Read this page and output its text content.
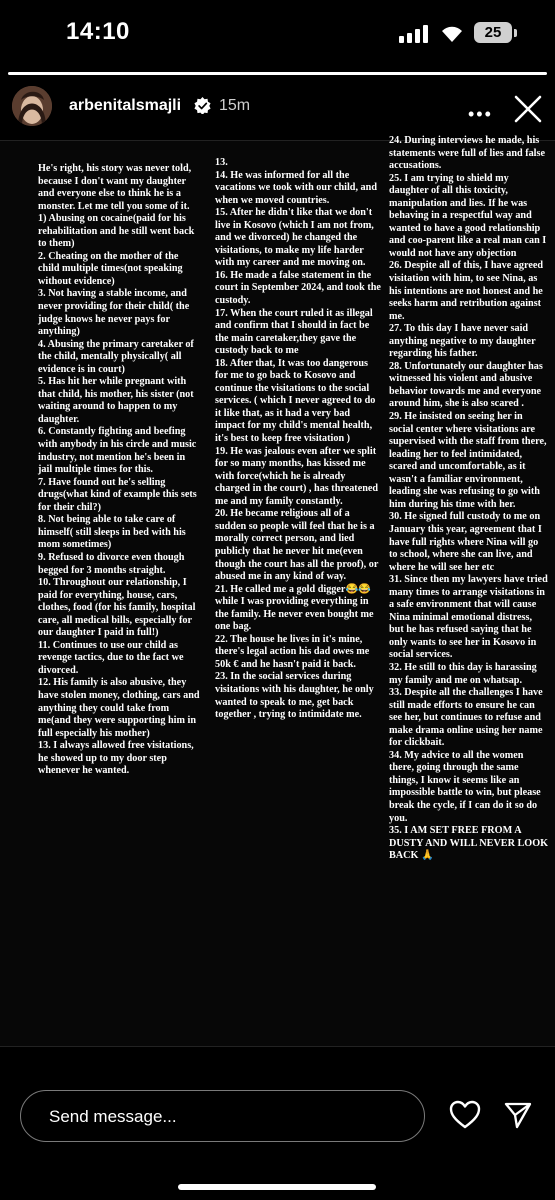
14:10	25
arbenitalsmajli 15m	•••

He's right, his story was never told, because I don't want my daughter and everyone else to think he is a monster. Let me tell you some of it.

1) Abusing on cocaine(paid for his rehabilitation and he still went back to them)

2. Cheating on the mother of the child multiple times(not speaking without evidence)

3. Not having a stable income, and never providing for their child( the judge knows he never pays for anything)

4. Abusing the primary caretaker of the child, mentally physically( all evidence is in court)

5. Has hit her while pregnant with that child, his mother, his sister (not waiting around to happen to my daughter.

6. Constantly fighting and beefing with anybody in his circle and music industry, not mention he's been in jail multiple times for this.

7. Have found out he's selling drugs(what kind of example this sets for their chil?)

8. Not being able to take care of himself( still sleeps in bed with his mom sometimes)

9. Refused to divorce even though begged for 3 months straight.

10. Throughout our relationship, I paid for everything, house, cars, clothes, food (for his family, hospital care, all medical bills, especially for our daughter I paid in full!)

11. Continues to use our child as revenge tactics, due to the fact we divorced.

12. His family is also abusive, they have stolen money, clothing, cars and anything they could take from me(and they were supporting him in full especially his mother)

13. I always allowed free visitations, he showed up to my door step whenever he wanted.

13.

14. He was informed for all the vacations we took with our child, and when we moved countries.

15. After he didn't like that we don't live in Kosovo (which I am not from, and we divorced) he changed the visitations, to make my life harder with my career and me moving on.

16. He made a false statement in the court in September 2024, and took the custody.

17. When the court ruled it as illegal and confirm that I should in fact be the main caretaker,they gave the custody back to me

18. After that, It was too dangerous for me to go back to Kosovo and continue the visitations to the social services. ( which I never agreed to do it like that, as it had a very bad impact for my child's mental health, it's best to keep free visitation )

19. He was jealous even after we split for so many months, has kissed me with force(which he is already charged in the court) , has threatened me and my family constantly.

20. He became religious all of a sudden so people will feel that he is a morally correct person, and lied publicly that he never hit me(even though the court has all the proof), or abused me in any kind of way.

21. He called me a gold digger😂😂 while I was providing everything in the family. He never even bought me one bag.

22. The house he lives in it's mine, there's legal action his dad owes me 50k € and he hasn't paid it back.

23. In the social services during visitations with his daughter, he only wanted to speak to me, get back together , trying to intimidate me.

24. During interviews he made, his statements were full of lies and false accusations.

25. I am trying to shield my daughter of all this toxicity, manipulation and lies. If he was behaving in a respectful way and wanted to have a good relationship and coo-parent like a real man can I would not have any objection

26. Despite all of this, I have agreed visitation with him, to see Nina, as his intentions are not honest and he seeks harm and retribution against me.

27. To this day I have never said anything negative to my daughter regarding his father.

28. Unfortunately our daughter has witnessed his violent and abusive behavior towards me and everyone around him, she is also scared .

29. He insisted on seeing her in social center where visitations are supervised with the staff from there, leading her to feel intimidated, scared and uncomfortable, as it wasn't a familiar environment, leading she was refusing to go with him during his time with her.

30. He signed full custody to me on January this year, agreement that I have full rights where Nina will go to school, where she can live, and where he will see her etc

31. Since then my lawyers have tried many times to arrange visitations in a safe environment that will cause Nina minimal emotional distress, but he has refused saying that he only wants to see her in Kosovo in social services.

32. He still to this day is harassing my family and me on whatsap.

33. Despite all the challenges I have still made efforts to ensure he can see her, but continues to refuse and make drama online using her name for clickbait.

34. My advice to all the women there, going through the same things, I know it seems like an impossible battle to win, but please break the cycle, if I can do it so do you.

35. I AM SET FREE FROM A DUSTY AND WILL NEVER LOOK BACK 🙏

Send message...
